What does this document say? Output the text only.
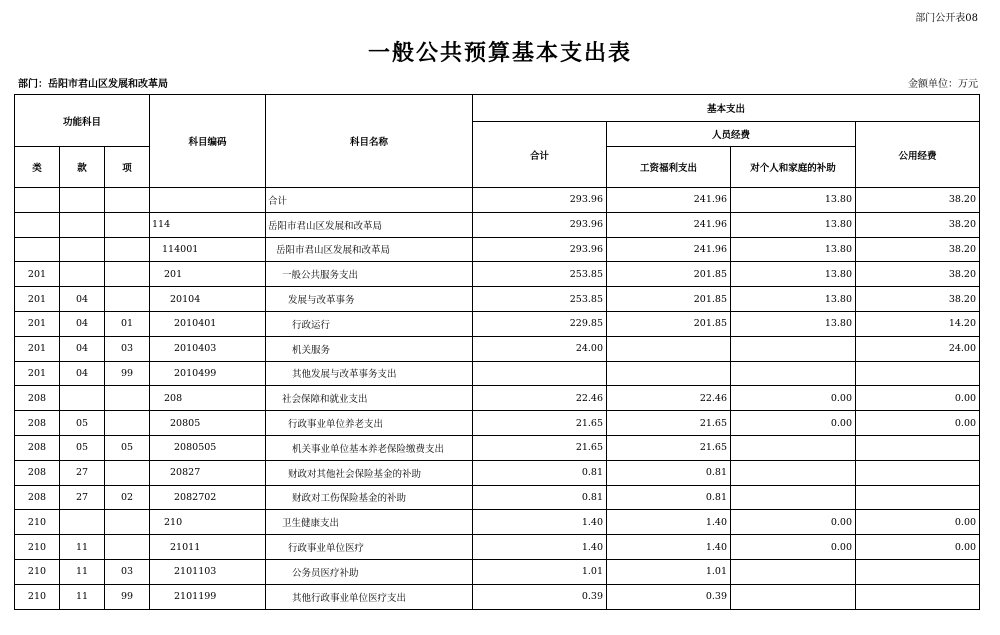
部门公开表08
一般公共预算基本支出表
部门：岳阳市君山区发展和改革局	金额单位：万元
功能科目			科目编码	科目名称	基本支出			
					合计	人员经费		公用经费
类	款	项				工资福利支出	对个人和家庭的补助	
				合计	293.96	241.96	13.80	38.20
			114	岳阳市君山区发展和改革局	293.96	241.96	13.80	38.20
			114001	岳阳市君山区发展和改革局	293.96	241.96	13.80	38.20
201			201	一般公共服务支出	253.85	201.85	13.80	38.20
201	04		20104	发展与改革事务	253.85	201.85	13.80	38.20
201	04	01	2010401	行政运行	229.85	201.85	13.80	14.20
201	04	03	2010403	机关服务	24.00			24.00
201	04	99	2010499	其他发展与改革事务支出				
208			208	社会保障和就业支出	22.46	22.46	0.00	0.00
208	05		20805	行政事业单位养老支出	21.65	21.65	0.00	0.00
208	05	05	2080505	机关事业单位基本养老保险缴费支出	21.65	21.65		
208	27		20827	财政对其他社会保险基金的补助	0.81	0.81		
208	27	02	2082702	财政对工伤保险基金的补助	0.81	0.81		
210			210	卫生健康支出	1.40	1.40	0.00	0.00
210	11		21011	行政事业单位医疗	1.40	1.40	0.00	0.00
210	11	03	2101103	公务员医疗补助	1.01	1.01		
210	11	99	2101199	其他行政事业单位医疗支出	0.39	0.39		
